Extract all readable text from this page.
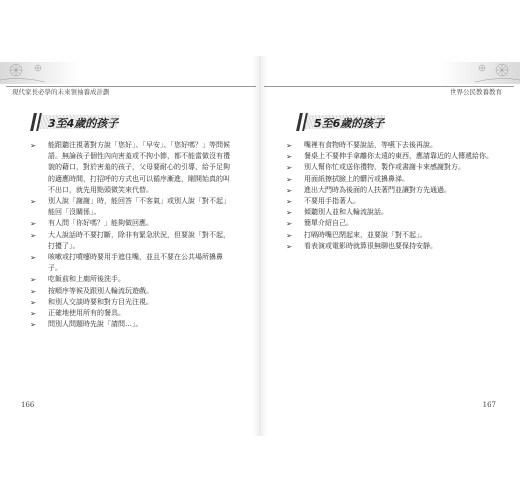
現代家長必學的未來領袖養成計劃
3至4歲的孩子
➢ 能跟聽注視著對方說「您好」、「早安」、「您好嗎？」等問候語。無論孩子個性內向害羞或不拘小節，都不能當做沒有禮貌的藉口，對於害羞的孩子，父母要耐心的引導，給予足夠的適應時間，打招呼的方式也可以循序漸進，剛開始真的叫不出口，就先用點頭微笑來代替。
➢ 別人說「謝謝」時，能回答「不客氣」或別人說「對不起」能回「沒關係」。
➢ 有人問「你好嗎？」能夠做回應。
➢ 大人說話時不要打斷，除非有緊急狀況，但要說「對不起，打擾了」。
➢ 咳嗽或打噴嚏時要用手遮住嘴，並且不要在公共場所擤鼻子。
➢ 吃飯前和上廁所後洗手。
➢ 按順序等候及跟別人輪流玩遊戲。
➢ 和別人交談時要和對方目光注視。
➢ 正確地使用所有的餐具。
➢ 問別人問題時先說「請問…」。
166
世界公民教養教育
5至6歲的孩子
➢ 嘴裡有食物時不要說話，等嚥下去後再說。
➢ 餐桌上不要伸手拿離你太遠的東西，應請靠近的人傳遞給你。
➢ 別人幫你忙或送你禮物，製作或書謝卡來感謝對方。
➢ 用面紙擦拭臉上的髒污或擤鼻涕。
➢ 進出大門時為後面的人扶著門並讓對方先通過。
➢ 不要用手指著人。
➢ 傾聽別人並和人輪流說話。
➢ 簡單介紹自己。
➢ 打嗝時嘴巴閉起來，並要說「對不起」。
➢ 看表演或電影時就算很無聊也要保持安靜。
167
